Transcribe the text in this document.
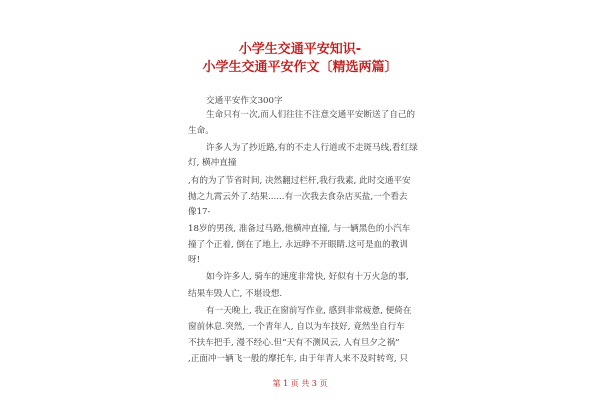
小学生交通平安知识-
小学生交通平安作文〔精选两篇〕
交通平安作文300字
生命只有一次,而人们往往不注意交通平安断送了自己的
生命。
许多人为了抄近路,有的不走人行道或不走斑马线,看红绿
灯, 横冲直撞
,有的为了节省时间, 决然翻过栏杆,我行我素, 此时交通平安
抛之九霄云外了.结果......有一次我去食杂店买盐,一个看去
像17-
18岁的男孩, 准备过马路,他横冲直撞, 与一辆黑色的小汽车
撞了个正着, 倒在了地上, 永远睁不开眼睛.这可是血的教训
呀!
如今许多人, 骑车的速度非常快, 好似有十万火急的事,
结果车毁人亡, 不堪设想.
有一天晚上, 我正在窗前写作业, 感到非常疲惫, 便倚在
窗前休息.突然, 一个青年人, 自以为车技好, 竟然坐自行车
不扶车把手, 漫不经心.但“天有不测风云, 人有旦夕之祸”
,正面冲一辆飞一般的摩托车, 由于年青人来不及时转弯, 只
第 1 页 共 3 页
